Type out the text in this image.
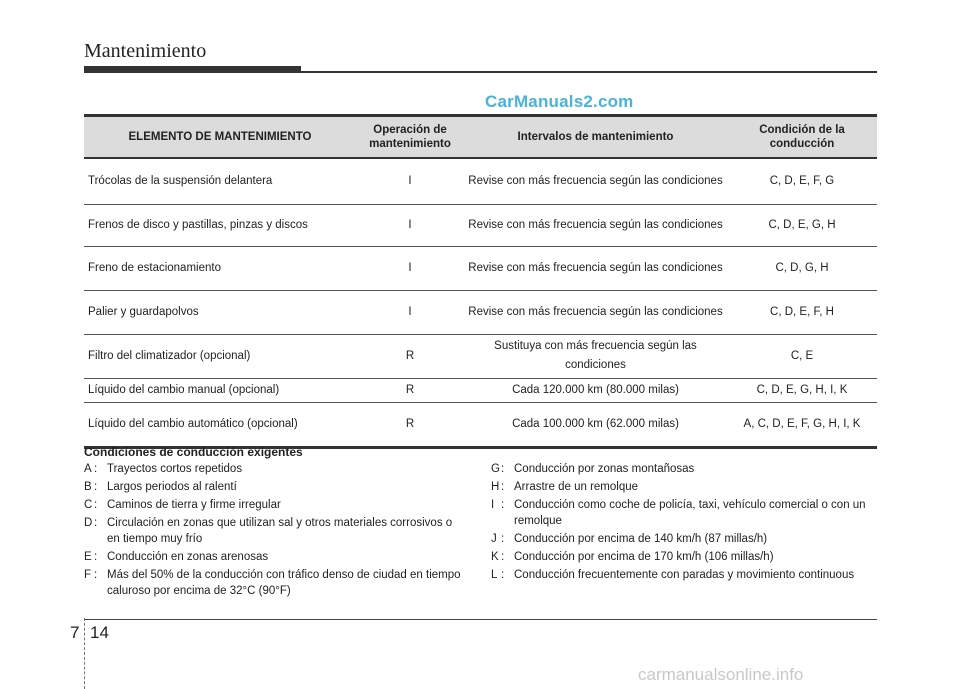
Mantenimiento
CarManuals2.com
ELEMENTO DE MANTENIMIENTO	Operación de mantenimiento	Intervalos de mantenimiento	Condición de la conducción
Trócolas de la suspensión delantera	I	Revise con más frecuencia según las condiciones	C, D, E, F, G
Frenos de disco y pastillas, pinzas y discos	I	Revise con más frecuencia según las condiciones	C, D, E, G, H
Freno de estacionamiento	I	Revise con más frecuencia según las condiciones	C, D, G, H
Palier y guardapolvos	I	Revise con más frecuencia según las condiciones	C, D, E, F, H
Filtro del climatizador (opcional)	R	Sustituya con más frecuencia según las condiciones	C, E
Líquido del cambio manual (opcional)	R	Cada 120.000 km (80.000 milas)	C, D, E, G, H, I, K
Líquido del cambio automático (opcional)	R	Cada 100.000 km (62.000 milas)	A, C, D, E, F, G, H, I, K
Condiciones de conducción exigentes
A : Trayectos cortos repetidos
B : Largos periodos al ralentí
C : Caminos de tierra y firme irregular
D : Circulación en zonas que utilizan sal y otros materiales corrosivos o en tiempo muy frío
E : Conducción en zonas arenosas
F : Más del 50% de la conducción con tráfico denso de ciudad en tiempo caluroso por encima de 32°C (90°F)
G : Conducción por zonas montañosas
H : Arrastre de un remolque
I : Conducción como coche de policía, taxi, vehículo comercial o con un remolque
J : Conducción por encima de 140 km/h (87 millas/h)
K : Conducción por encima de 170 km/h (106 millas/h)
L : Conducción frecuentemente con paradas y movimiento continuous
7 14
carmanualsonline.info
